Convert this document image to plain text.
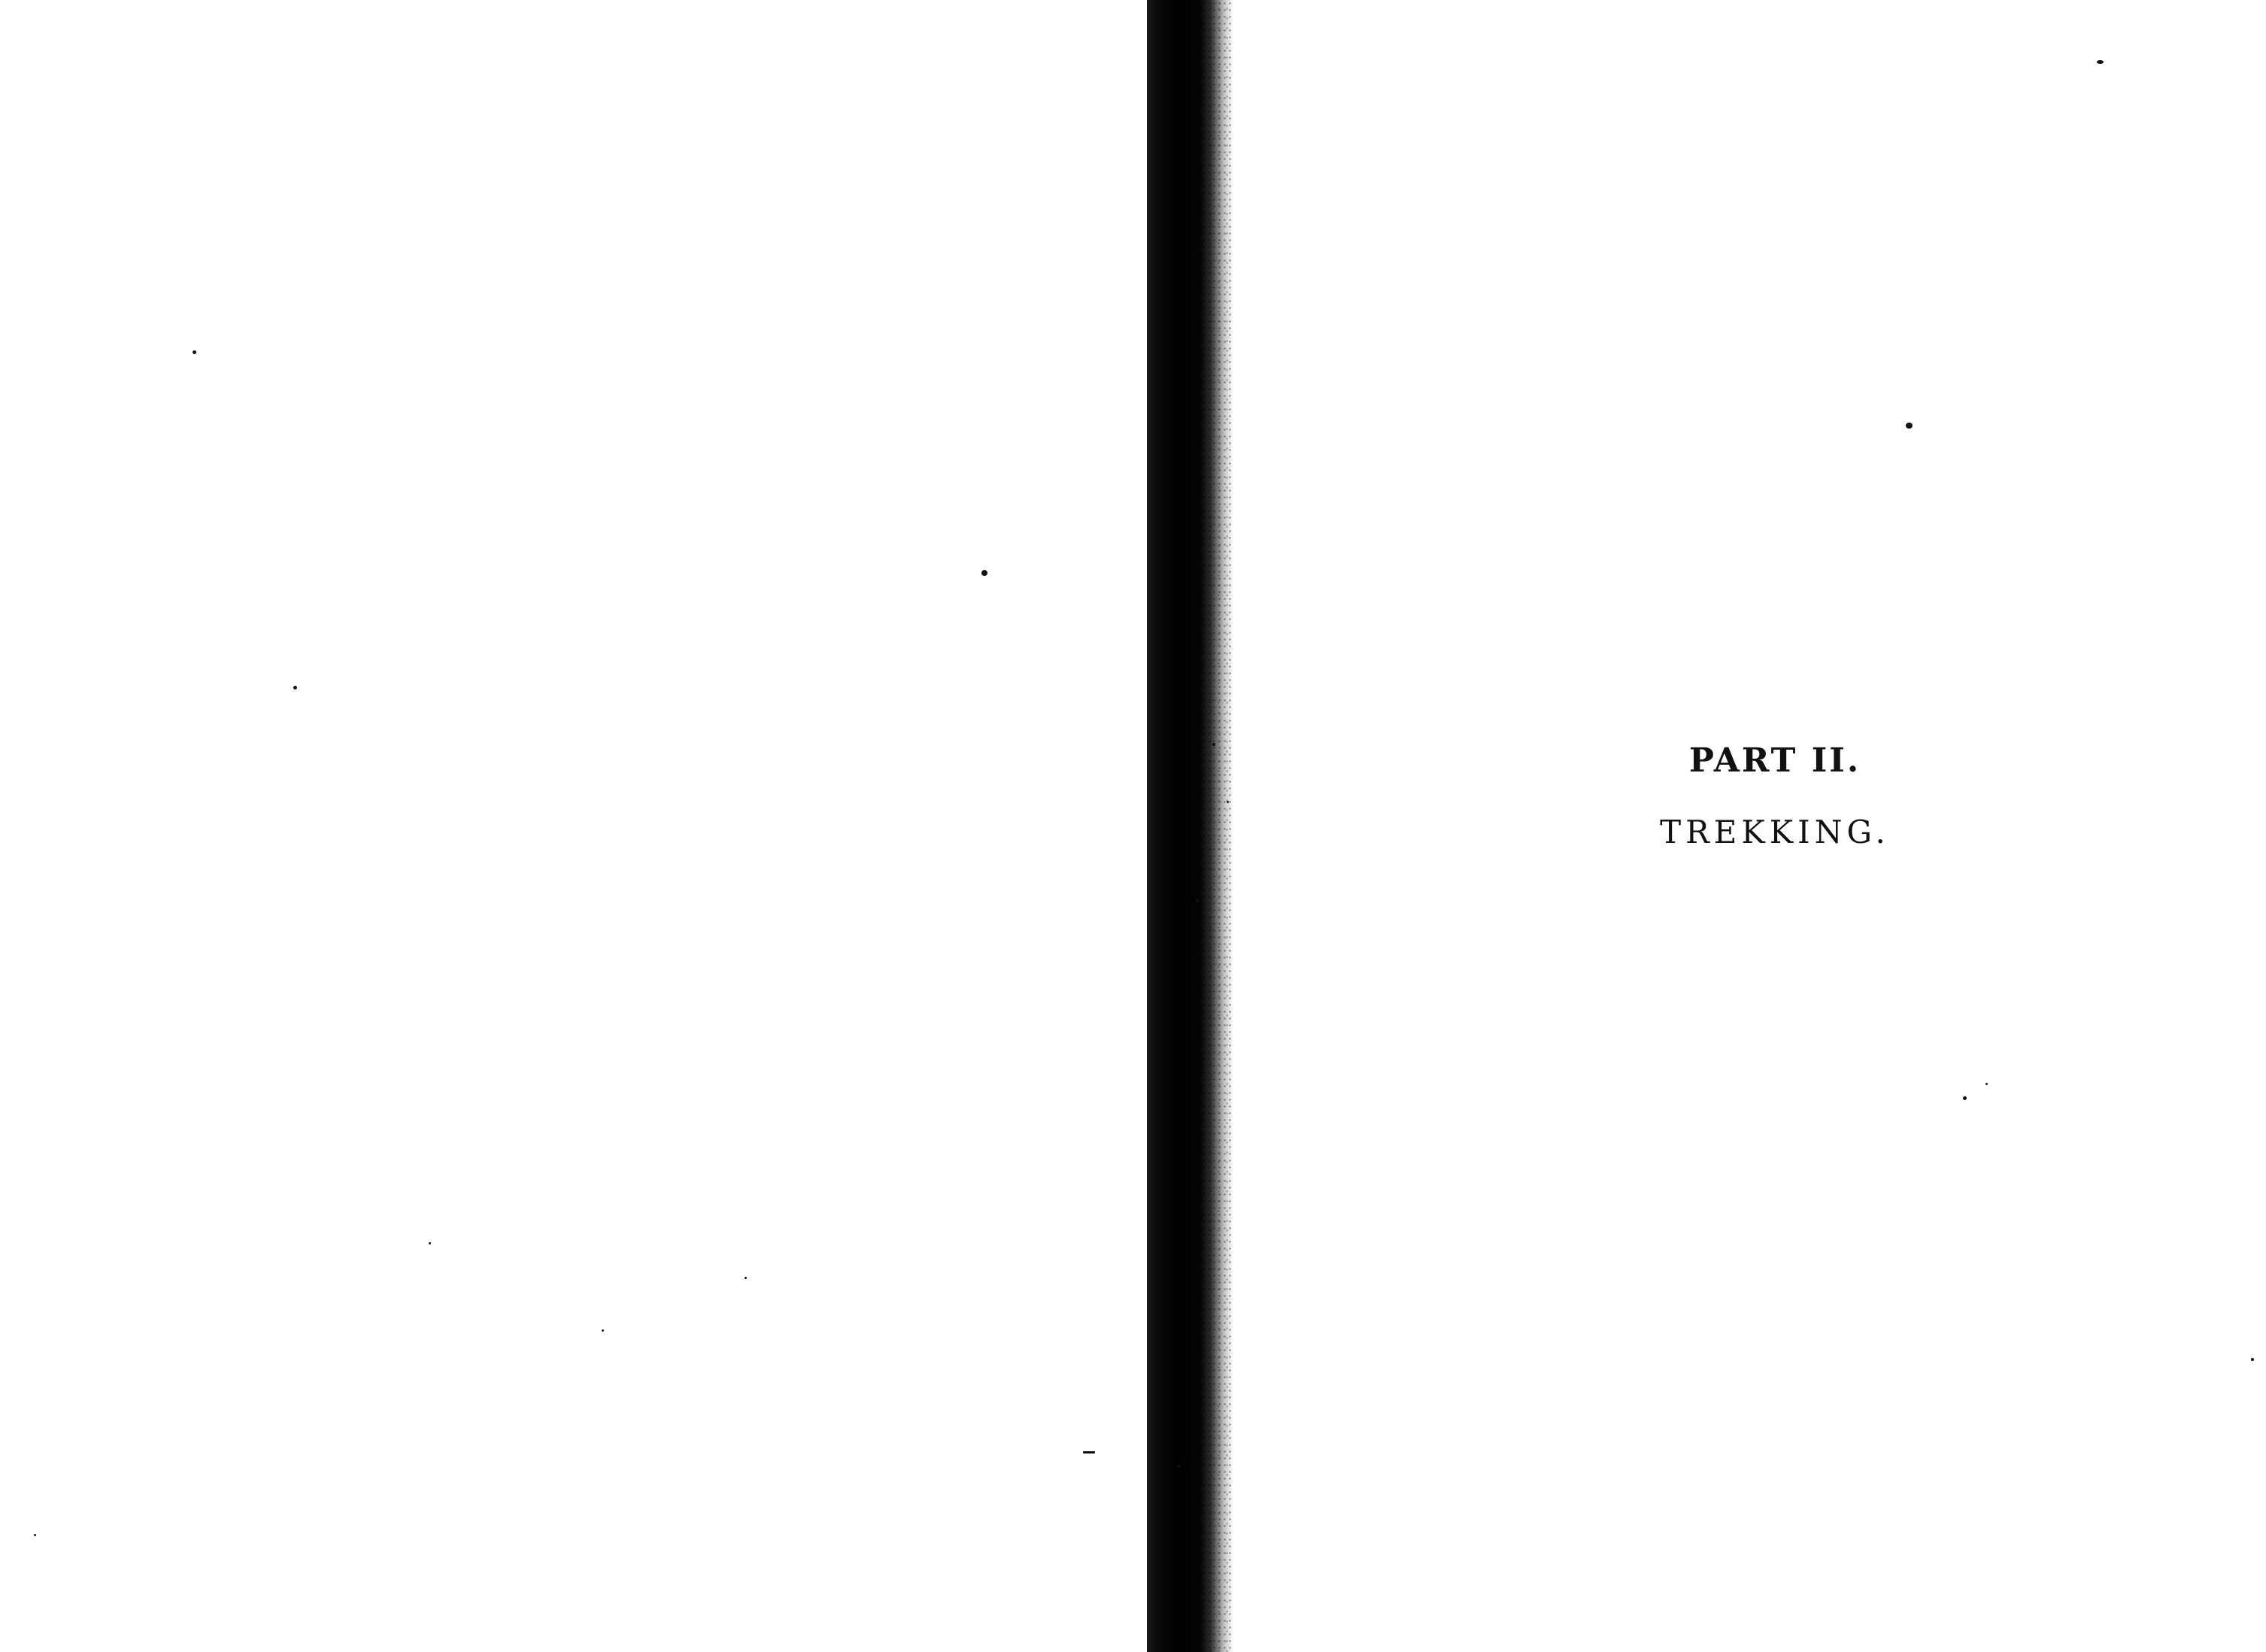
PART II.
TREKKING.
